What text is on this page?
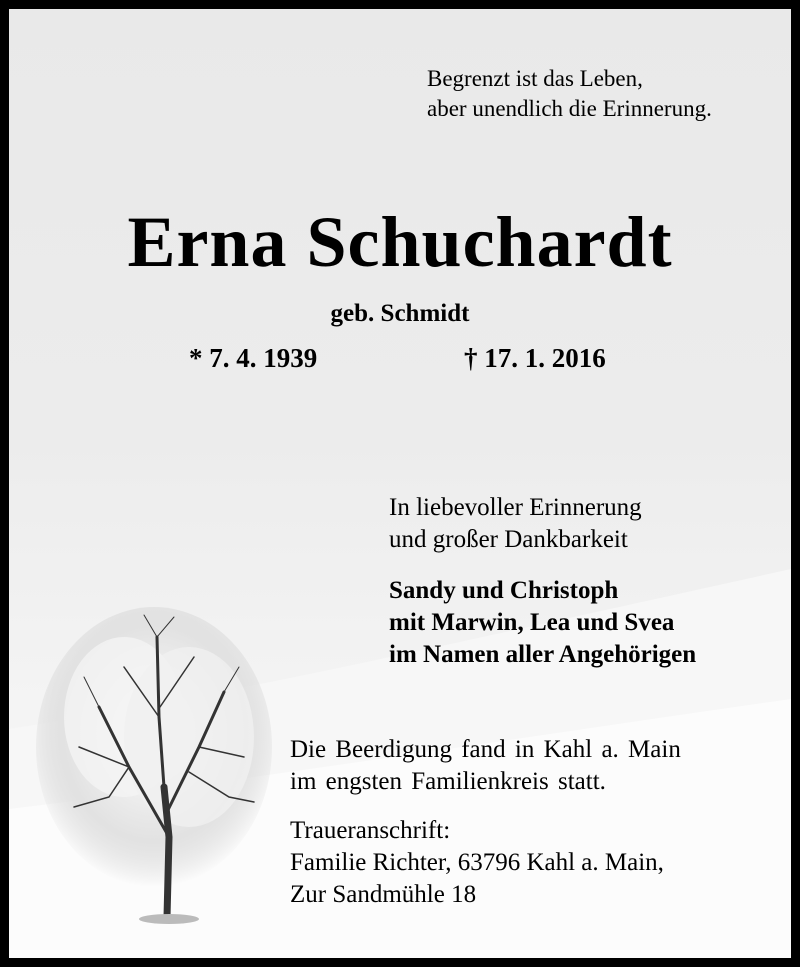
Begrenzt ist das Leben,
aber unendlich die Erinnerung.

Erna Schuchardt

geb. Schmidt

* 7. 4. 1939	† 17. 1. 2016

In liebevoller Erinnerung
und großer Dankbarkeit

Sandy und Christoph
mit Marwin, Lea und Svea
im Namen aller Angehörigen

Die Beerdigung fand in Kahl a. Main
im engsten Familienkreis statt.

Traueranschrift:
Familie Richter, 63796 Kahl a. Main,
Zur Sandmühle 18
